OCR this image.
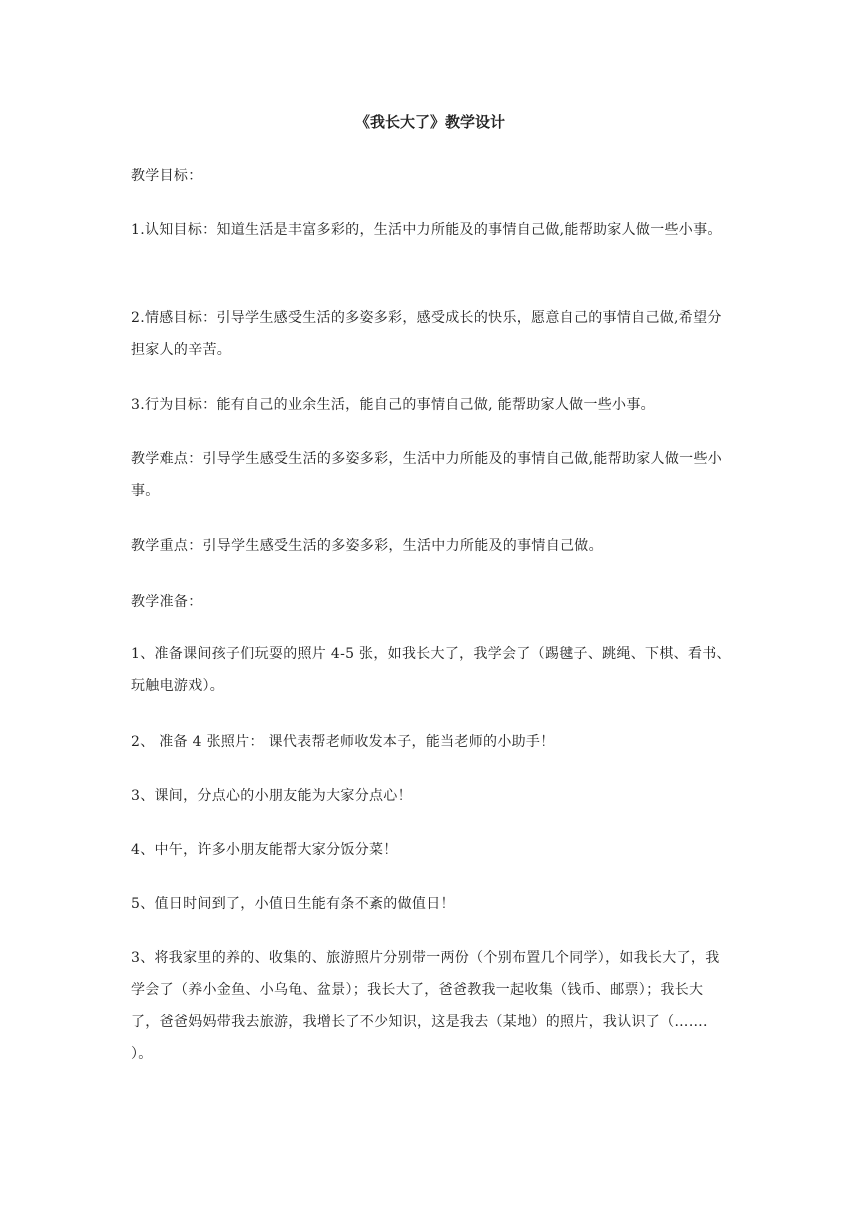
《我长大了》教学设计
教学目标：
1.认知目标：知道生活是丰富多彩的，生活中力所能及的事情自己做,能帮助家人做一些小事。
2.情感目标：引导学生感受生活的多姿多彩，感受成长的快乐，愿意自己的事情自己做,希望分担家人的辛苦。
3.行为目标：能有自己的业余生活，能自己的事情自己做, 能帮助家人做一些小事。
教学难点：引导学生感受生活的多姿多彩，生活中力所能及的事情自己做,能帮助家人做一些小事。
教学重点：引导学生感受生活的多姿多彩，生活中力所能及的事情自己做。
教学准备：
1、准备课间孩子们玩耍的照片 4-5 张，如我长大了，我学会了（踢毽子、跳绳、下棋、看书、玩触电游戏）。
2、 准备 4 张照片： 课代表帮老师收发本子，能当老师的小助手！
3、课间，分点心的小朋友能为大家分点心！
4、中午，许多小朋友能帮大家分饭分菜！
5、值日时间到了，小值日生能有条不紊的做值日！
3、将我家里的养的、收集的、旅游照片分别带一两份（个别布置几个同学），如我长大了，我学会了（养小金鱼、小乌龟、盆景）；我长大了，爸爸教我一起收集（钱币、邮票）；我长大了，爸爸妈妈带我去旅游，我增长了不少知识，这是我去（某地）的照片，我认识了（……. ）。
